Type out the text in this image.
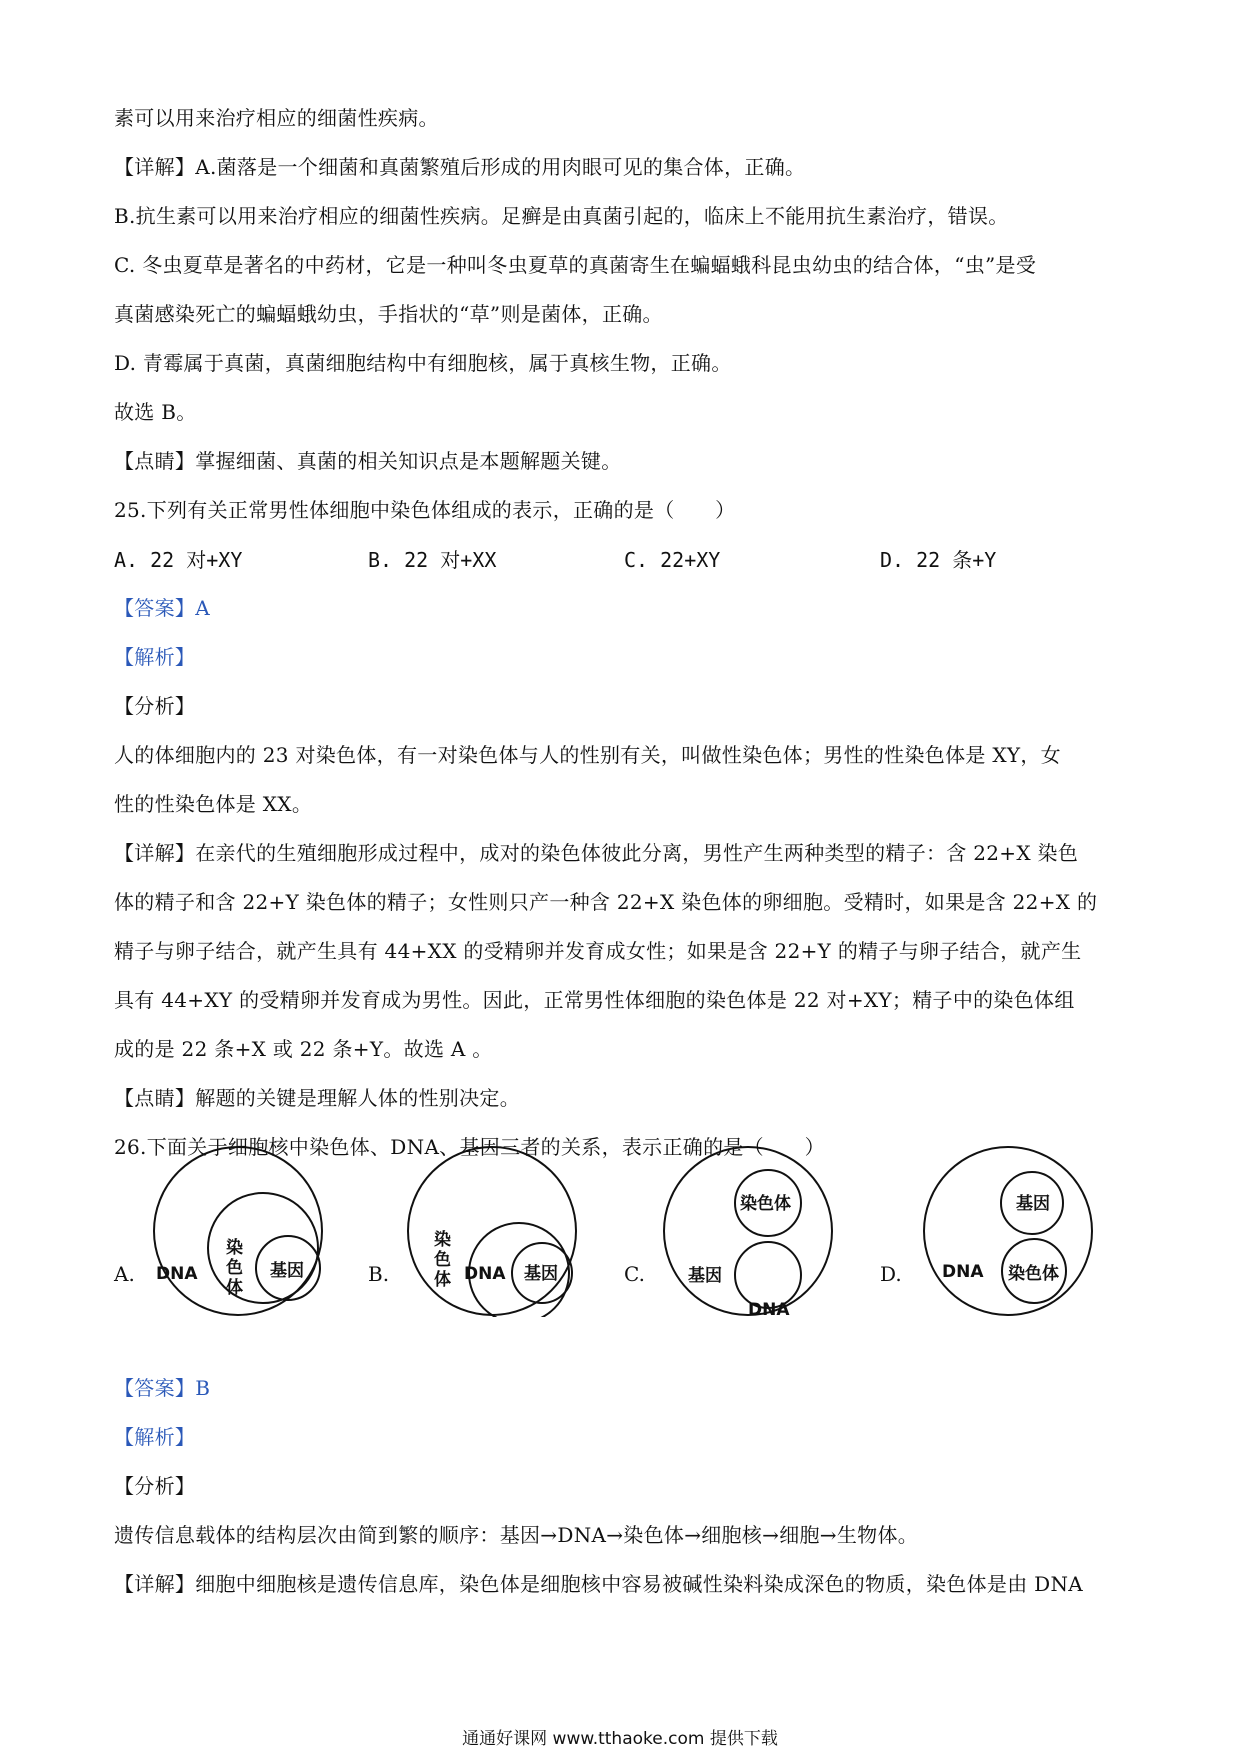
素可以用来治疗相应的细菌性疾病。
【详解】A.菌落是一个细菌和真菌繁殖后形成的用肉眼可见的集合体，正确。
B.抗生素可以用来治疗相应的细菌性疾病。足癣是由真菌引起的，临床上不能用抗生素治疗，错误。
C. 冬虫夏草是著名的中药材，它是一种叫冬虫夏草的真菌寄生在蝙蝠蛾科昆虫幼虫的结合体，“虫”是受
真菌感染死亡的蝙蝠蛾幼虫，手指状的“草”则是菌体，正确。
D. 青霉属于真菌，真菌细胞结构中有细胞核，属于真核生物，正确。
故选 B。
【点睛】掌握细菌、真菌的相关知识点是本题解题关键。
25.下列有关正常男性体细胞中染色体组成的表示，正确的是（　　）
A. 22 对+XY	B. 22 对+XX	C. 22+XY	D. 22 条+Y
【答案】A
【解析】
【分析】
人的体细胞内的 23 对染色体，有一对染色体与人的性别有关，叫做性染色体；男性的性染色体是 XY，女
性的性染色体是 XX。
【详解】在亲代的生殖细胞形成过程中，成对的染色体彼此分离，男性产生两种类型的精子：含 22+X 染色
体的精子和含 22+Y 染色体的精子；女性则只产一种含 22+X 染色体的卵细胞。受精时，如果是含 22+X 的
精子与卵子结合，就产生具有 44+XX 的受精卵并发育成女性；如果是含 22+Y 的精子与卵子结合，就产生
具有 44+XY 的受精卵并发育成为男性。因此，正常男性体细胞的染色体是 22 对+XY；精子中的染色体组
成的是 22 条+X 或 22 条+Y。故选 A 。
【点睛】解题的关键是理解人体的性别决定。
26.下面关于细胞核中染色体、DNA、基因三者的关系，表示正确的是（　　）
A. DNA
染
色
体
基因	B.
染
色
体 DNA 基因	C.
染色体
基因
DNA
D. DNA
基因
染色体
【答案】B
【解析】
【分析】
遗传信息载体的结构层次由简到繁的顺序：基因→DNA→染色体→细胞核→细胞→生物体。
【详解】细胞中细胞核是遗传信息库，染色体是细胞核中容易被碱性染料染成深色的物质，染色体是由 DNA
通通好课网 www.tthaoke.com 提供下载
